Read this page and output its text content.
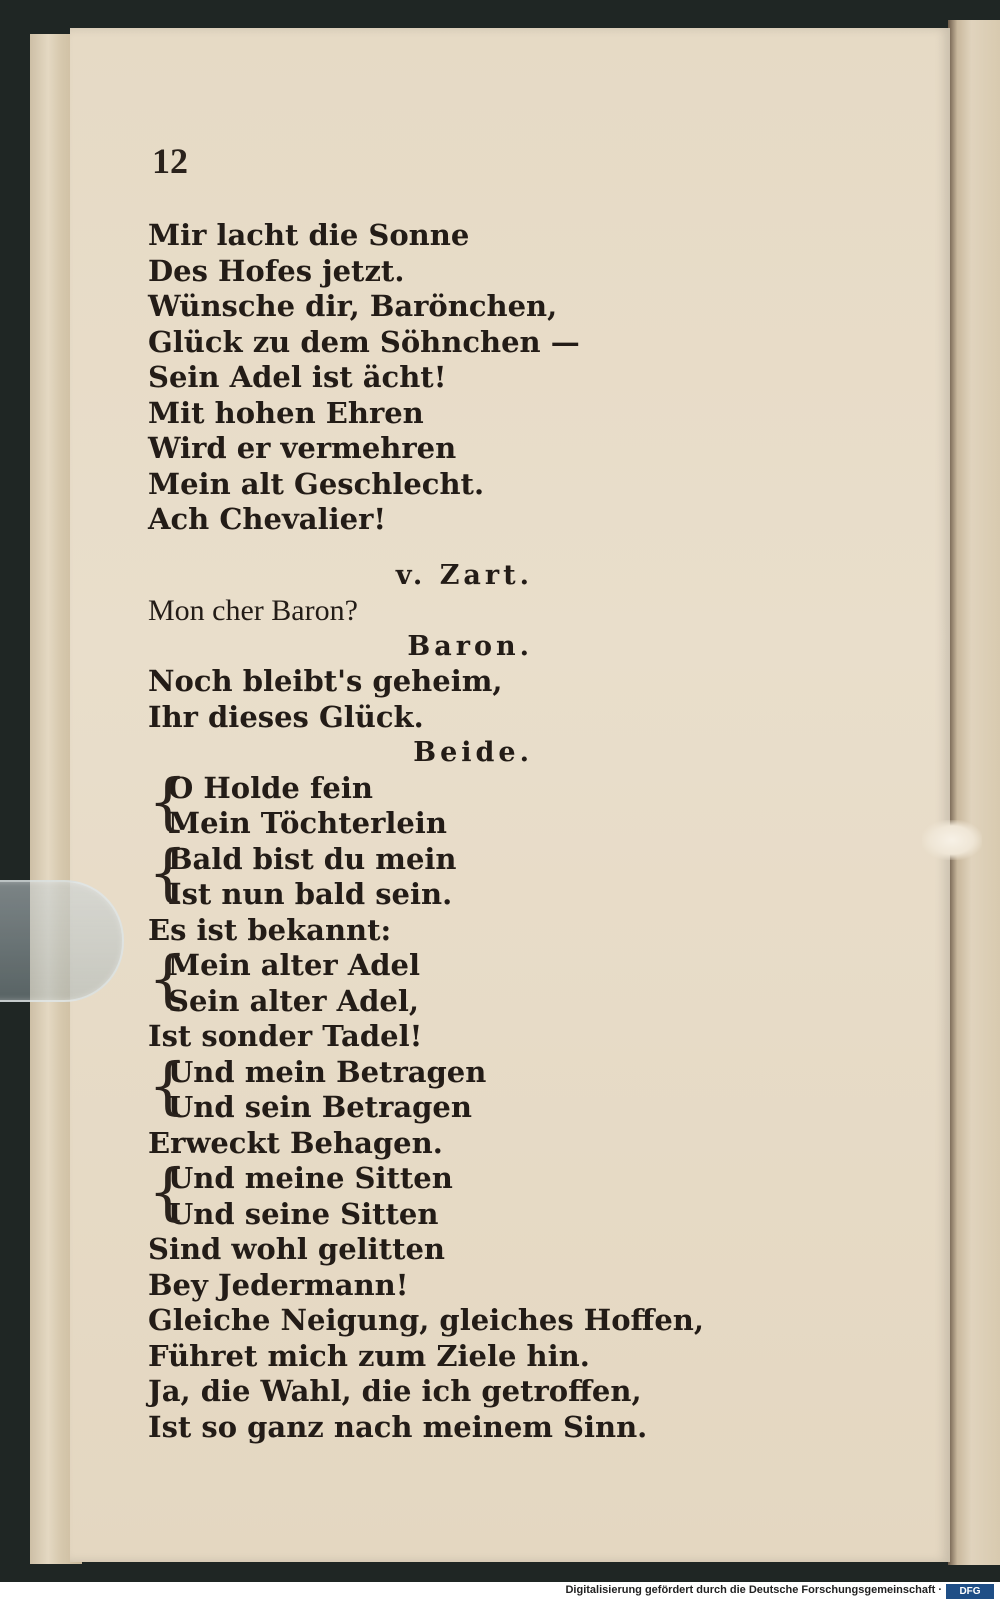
12
Mir lacht die Sonne
Des Hofes jetzt.
Wünsche dir, Barönchen,
Glück zu dem Söhnchen —
Sein Adel ist ächt!
Mit hohen Ehren
Wird er vermehren
Mein alt Geschlecht.
Ach Chevalier!
v. Zart.
Mon cher Baron?
Baron.
Noch bleibt's geheim,
Ihr dieses Glück.
Beide.
{
O Holde fein
Mein Töchterlein
{
Bald bist du mein
Ist nun bald sein.
Es ist bekannt:
{
Mein alter Adel
Sein alter Adel,
Ist sonder Tadel!
{
Und mein Betragen
Und sein Betragen
Erweckt Behagen.
{
Und meine Sitten
Und seine Sitten
Sind wohl gelitten
Bey Jedermann!
Gleiche Neigung, gleiches Hoffen,
Führet mich zum Ziele hin.
Ja, die Wahl, die ich getroffen,
Ist so ganz nach meinem Sinn.
Digitalisierung gefördert durch die Deutsche Forschungsgemeinschaft ·	DFG
